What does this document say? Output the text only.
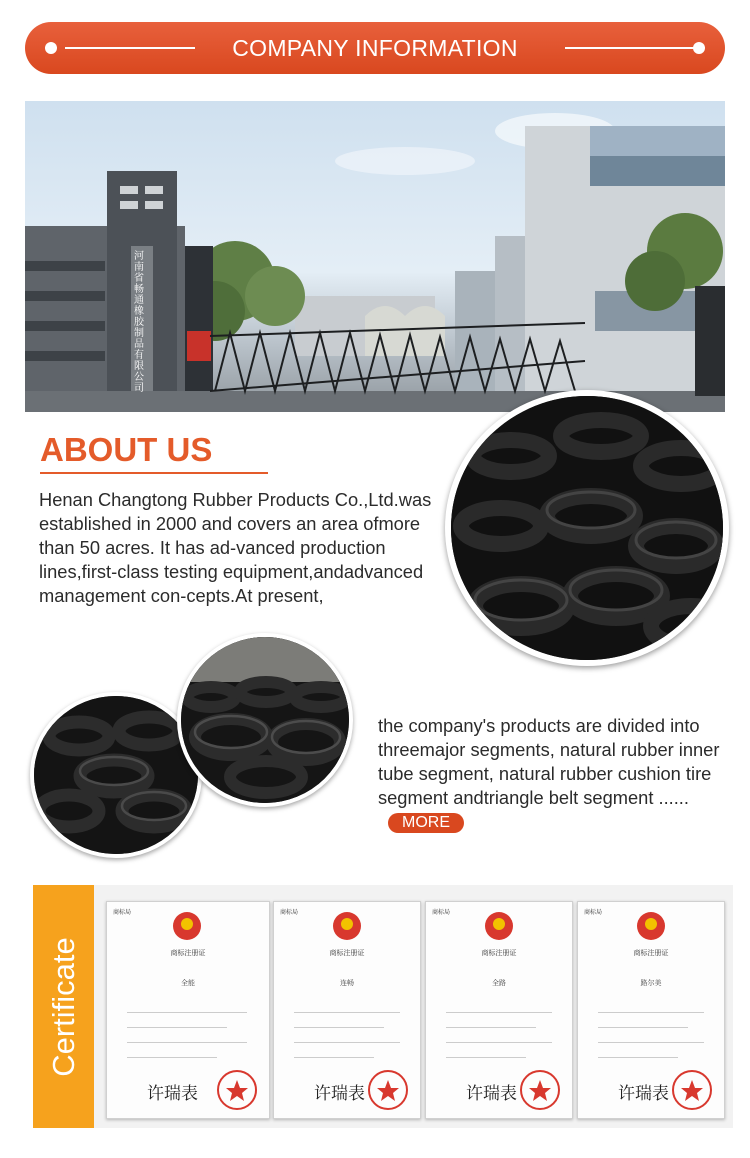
COMPANY INFORMATION
河南省畅通橡胶制品有限公司
ABOUT US
Henan Changtong Rubber Products Co.,Ltd.was established in 2000 and covers an area ofmore than 50 acres. It has ad-vanced production lines,first-class testing equipment,andadvanced management con-cepts.At present,
the company's products are divided into threemajor segments, natural rubber inner tube segment, natural rubber cushion tire segment andtriangle belt segment ......MORE
Certificate
商标局
商标注册证
全能
许瑞表
商标局
商标注册证
连畅
许瑞表
商标局
商标注册证
全路
许瑞表
商标局
商标注册证
路尔美
许瑞表
